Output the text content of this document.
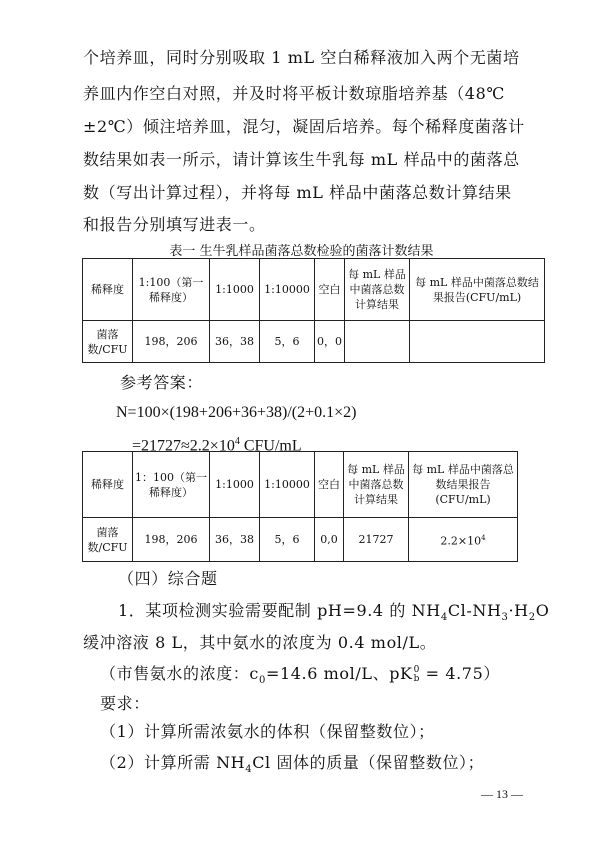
个培养皿，同时分别吸取 1 mL 空白稀释液加入两个无菌培
养皿内作空白对照，并及时将平板计数琼脂培养基（48℃
±2℃）倾注培养皿，混匀，凝固后培养。每个稀释度菌落计
数结果如表一所示，请计算该生牛乳每 mL 样品中的菌落总
数（写出计算过程），并将每 mL 样品中菌落总数计算结果
和报告分别填写进表一。
表一 生牛乳样品菌落总数检验的菌落计数结果
稀释度	1:100（第一稀释度）	1:1000	1:10000	空白	每 mL 样品中菌落总数计算结果	每 mL 样品中菌落总数结果报告(CFU/mL)
菌落数/CFU	198，206	36，38	5，6	0，0		
参考答案：
N=100×(198+206+36+38)/(2+0.1×2)
$=21727\approx 2.2\times 10^4$ CFU/mL
稀释度	1：100（第一稀释度）	1:1000	1:10000	空白	每 mL 样品中菌落总数计算结果	每 mL 样品中菌落总数结果报告(CFU/mL)
菌落数/CFU	198，206	36，38	5，6	0,0	21727	$2.2\times 10^4$
（四）综合题
1．某项检测实验需要配制 pH=9.4 的 $NH_4Cl-NH_3\cdot H_2O$
缓冲溶液 8 L，其中氨水的浓度为 0.4 mol/L。
（市售氨水的浓度：$c_0=14.6$ mol/L、pK 0
b = 4.75）
要求：
（1）计算所需浓氨水的体积（保留整数位）；
（2）计算所需 $NH_4Cl$ 固体的质量（保留整数位）；
— 13 —
